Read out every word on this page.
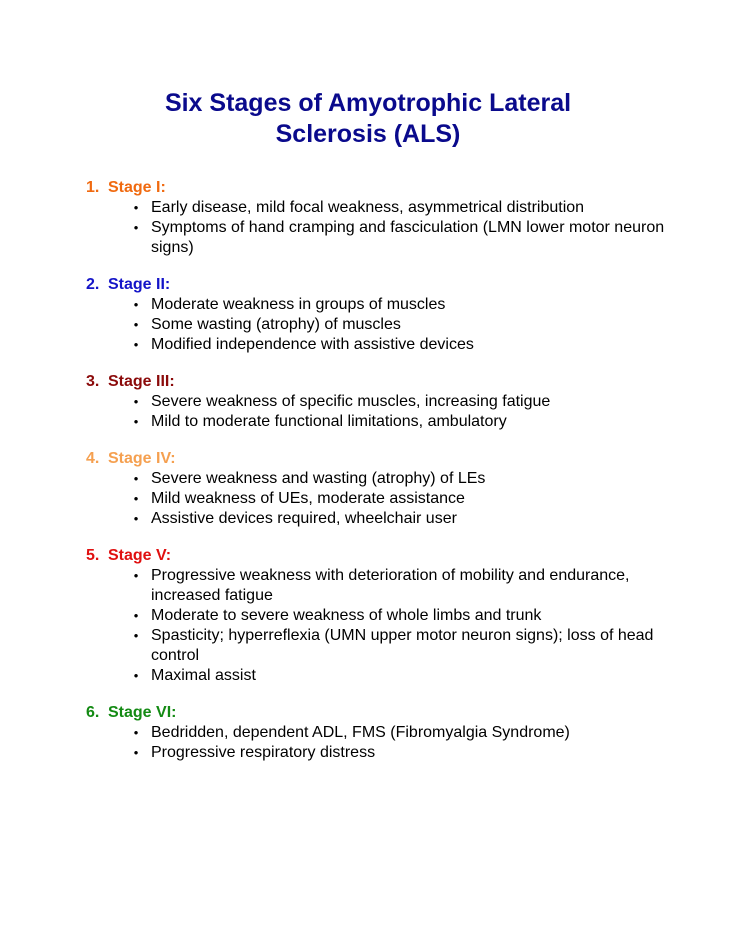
Six Stages of Amyotrophic Lateral
Sclerosis (ALS)
1. Stage I:
• Early disease, mild focal weakness, asymmetrical distribution
• Symptoms of hand cramping and fasciculation (LMN lower motor neuron signs)
2. Stage II:
• Moderate weakness in groups of muscles
• Some wasting (atrophy) of muscles
• Modified independence with assistive devices
3. Stage III:
• Severe weakness of specific muscles, increasing fatigue
• Mild to moderate functional limitations, ambulatory
4. Stage IV:
• Severe weakness and wasting (atrophy) of LEs
• Mild weakness of UEs, moderate assistance
• Assistive devices required, wheelchair user
5. Stage V:
• Progressive weakness with deterioration of mobility and endurance, increased fatigue
• Moderate to severe weakness of whole limbs and trunk
• Spasticity; hyperreflexia (UMN upper motor neuron signs); loss of head control
• Maximal assist
6. Stage VI:
• Bedridden, dependent ADL, FMS (Fibromyalgia Syndrome)
• Progressive respiratory distress
